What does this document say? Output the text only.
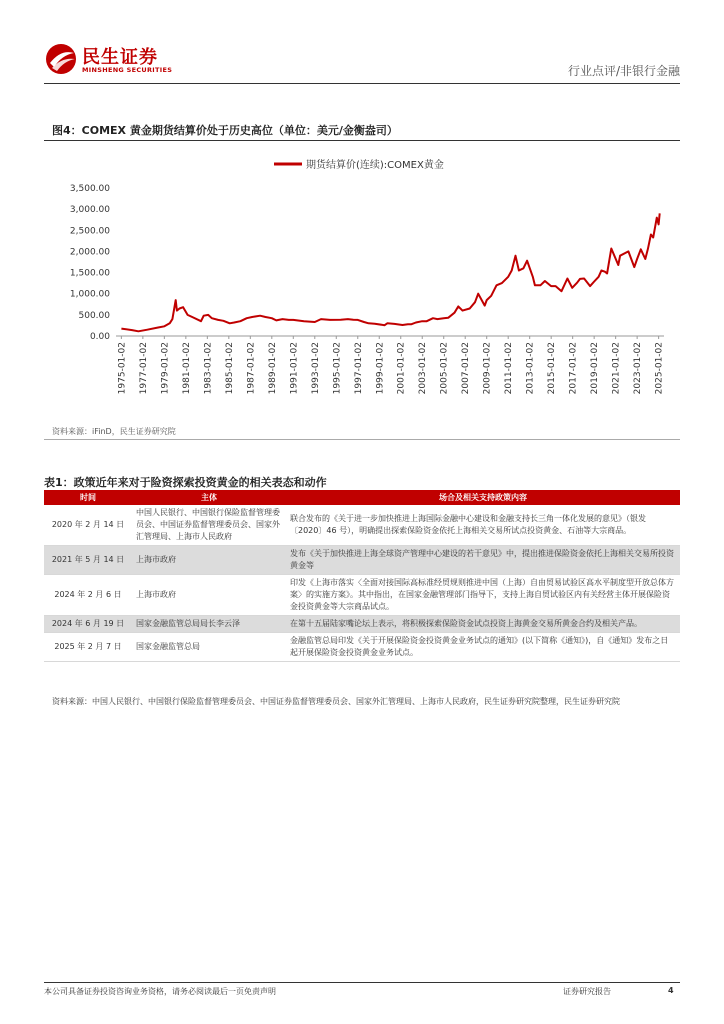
民生证券
MINSHENG SECURITIES	行业点评/非银行金融
图4：COMEX 黄金期货结算价处于历史高位（单位：美元/金衡盎司）
0.00
500.00
1,000.00
1,500.00
2,000.00
2,500.00
3,000.00
3,500.00
1975-01-02 1977-01-02 1979-01-02 1981-01-02 1983-01-02 1985-01-02 1987-01-02 1989-01-02 1991-01-02 1993-01-02 1995-01-02 1997-01-02 1999-01-02 2001-01-02 2003-01-02 2005-01-02 2007-01-02 2009-01-02 2011-01-02 2013-01-02 2015-01-02 2017-01-02 2019-01-02 2021-01-02 2023-01-02 2025-01-02
期货结算价(连续):COMEX黄金
资料来源：iFinD，民生证券研究院
表1：政策近年来对于险资探索投资黄金的相关表态和动作
时间	主体	场合及相关支持政策内容
2020 年 2 月 14 日	中国人民银行、中国银行保险监督管理委员会、中国证券监督管理委员会、国家外汇管理局、上海市人民政府	联合发布的《关于进一步加快推进上海国际金融中心建设和金融支持长三角一体化发展的意见》（银发〔2020〕46 号），明确提出探索保险资金依托上海相关交易所试点投资黄金、石油等大宗商品。
2021 年 5 月 14 日	上海市政府	发布《关于加快推进上海全球资产管理中心建设的若干意见》中，提出推进保险资金依托上海相关交易所投资黄金等
2024 年 2 月 6 日	上海市政府	印发《上海市落实〈全面对接国际高标准经贸规则推进中国（上海）自由贸易试验区高水平制度型开放总体方案〉的实施方案》。其中指出，在国家金融管理部门指导下，支持上海自贸试验区内有关经营主体开展保险资金投资黄金等大宗商品试点。
2024 年 6 月 19 日	国家金融监管总局局长李云泽	在第十五届陆家嘴论坛上表示，将积极探索保险资金试点投资上海黄金交易所黄金合约及相关产品。
2025 年 2 月 7 日	国家金融监管总局	金融监管总局印发《关于开展保险资金投资黄金业务试点的通知》(以下简称《通知》)，自《通知》发布之日起开展保险资金投资黄金业务试点。
资料来源：中国人民银行、中国银行保险监督管理委员会、中国证券监督管理委员会、国家外汇管理局、上海市人民政府，民生证券研究院整理，民生证券研究院
本公司具备证券投资咨询业务资格，请务必阅读最后一页免责声明	证券研究报告	4
